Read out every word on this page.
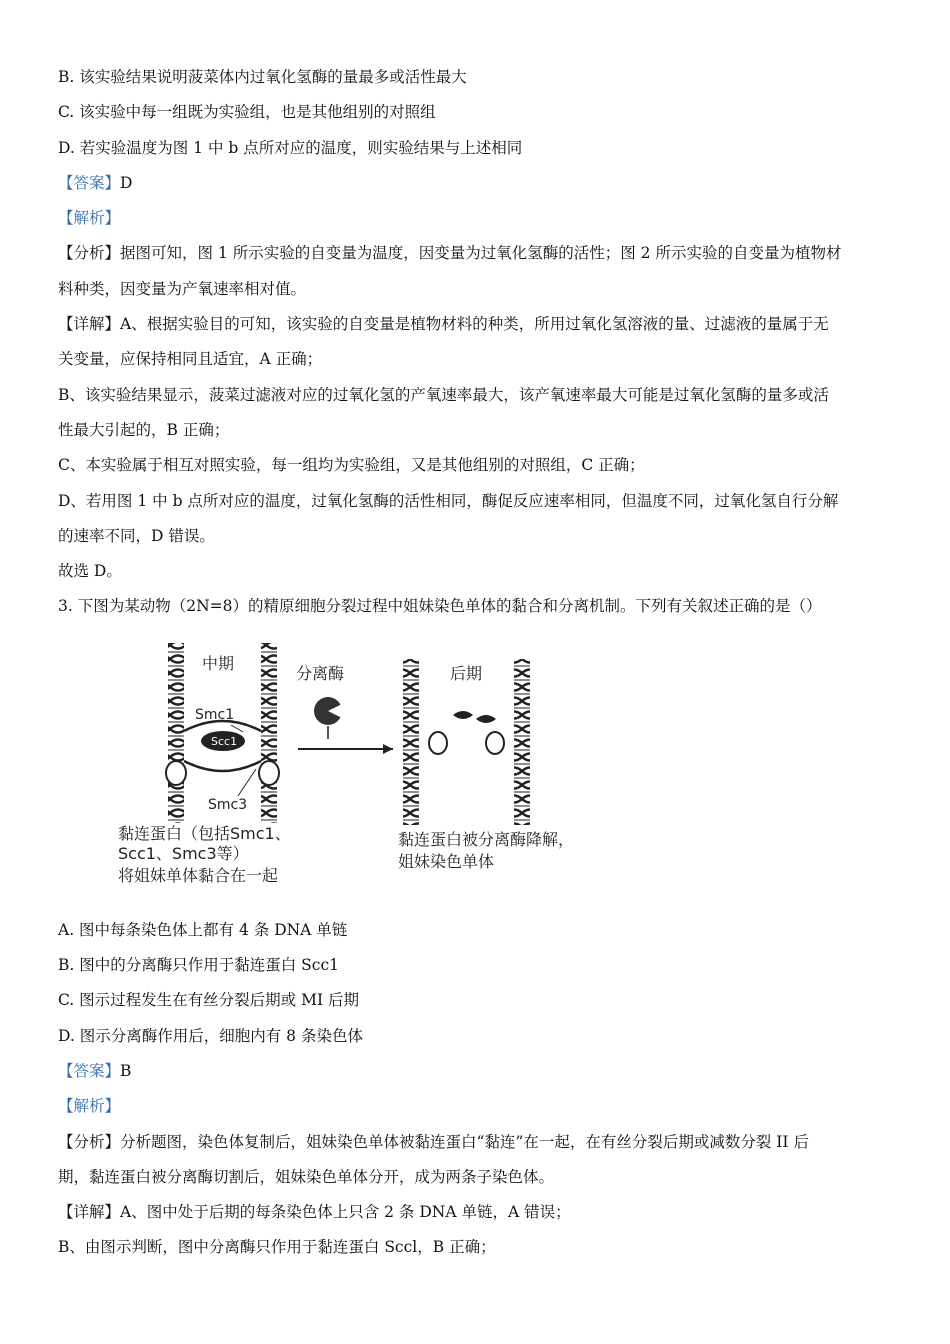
B. 该实验结果说明菠菜体内过氧化氢酶的量最多或活性最大
C. 该实验中每一组既为实验组，也是其他组别的对照组
D. 若实验温度为图 1 中 b 点所对应的温度，则实验结果与上述相同
【答案】D
【解析】
【分析】据图可知，图 1 所示实验的自变量为温度，因变量为过氧化氢酶的活性；图 2 所示实验的自变量为植物材
料种类，因变量为产氧速率相对值。
【详解】A、根据实验目的可知，该实验的自变量是植物材料的种类，所用过氧化氢溶液的量、过滤液的量属于无
关变量，应保持相同且适宜，A 正确；
B、该实验结果显示，菠菜过滤液对应的过氧化氢的产氧速率最大，该产氧速率最大可能是过氧化氢酶的量多或活
性最大引起的，B 正确；
C、本实验属于相互对照实验，每一组均为实验组，又是其他组别的对照组，C 正确；
D、若用图 1 中 b 点所对应的温度，过氧化氢酶的活性相同，酶促反应速率相同，但温度不同，过氧化氢自行分解
的速率不同，D 错误。
故选 D。
3. 下图为某动物（2N=8）的精原细胞分裂过程中姐妹染色单体的黏合和分离机制。下列有关叙述正确的是（）
Scc1
Smc1
Smc3
中期
分离酶	后期
黏连蛋白（包括Smc1、
Scc1、Smc3等）
将姐妹单体黏合在一起
黏连蛋白被分离酶降解，
姐妹染色单体
A. 图中每条染色体上都有 4 条 DNA 单链
B. 图中的分离酶只作用于黏连蛋白 Scc1
C. 图示过程发生在有丝分裂后期或 MI 后期
D. 图示分离酶作用后，细胞内有 8 条染色体
【答案】B
【解析】
【分析】分析题图，染色体复制后，姐妹染色单体被黏连蛋白“黏连”在一起，在有丝分裂后期或减数分裂 II 后
期，黏连蛋白被分离酶切割后，姐妹染色单体分开，成为两条子染色体。
【详解】A、图中处于后期的每条染色体上只含 2 条 DNA 单链，A 错误；
B、由图示判断，图中分离酶只作用于黏连蛋白 Sccl，B 正确；
